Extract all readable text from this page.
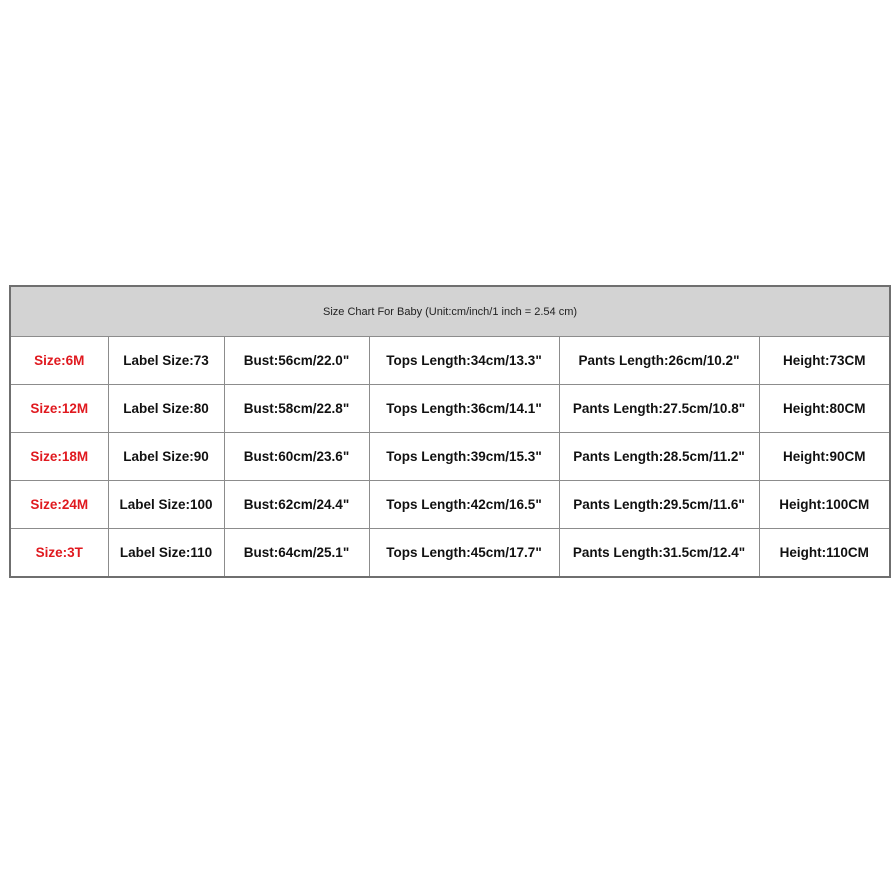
Size Chart For Baby (Unit:cm/inch/1 inch = 2.54 cm)					
Size:6M	Label Size:73	Bust:56cm/22.0"	Tops Length:34cm/13.3"	Pants Length:26cm/10.2"	Height:73CM
Size:12M	Label Size:80	Bust:58cm/22.8"	Tops Length:36cm/14.1"	Pants Length:27.5cm/10.8"	Height:80CM
Size:18M	Label Size:90	Bust:60cm/23.6"	Tops Length:39cm/15.3"	Pants Length:28.5cm/11.2"	Height:90CM
Size:24M	Label Size:100	Bust:62cm/24.4"	Tops Length:42cm/16.5"	Pants Length:29.5cm/11.6"	Height:100CM
Size:3T	Label Size:110	Bust:64cm/25.1"	Tops Length:45cm/17.7"	Pants Length:31.5cm/12.4"	Height:110CM
